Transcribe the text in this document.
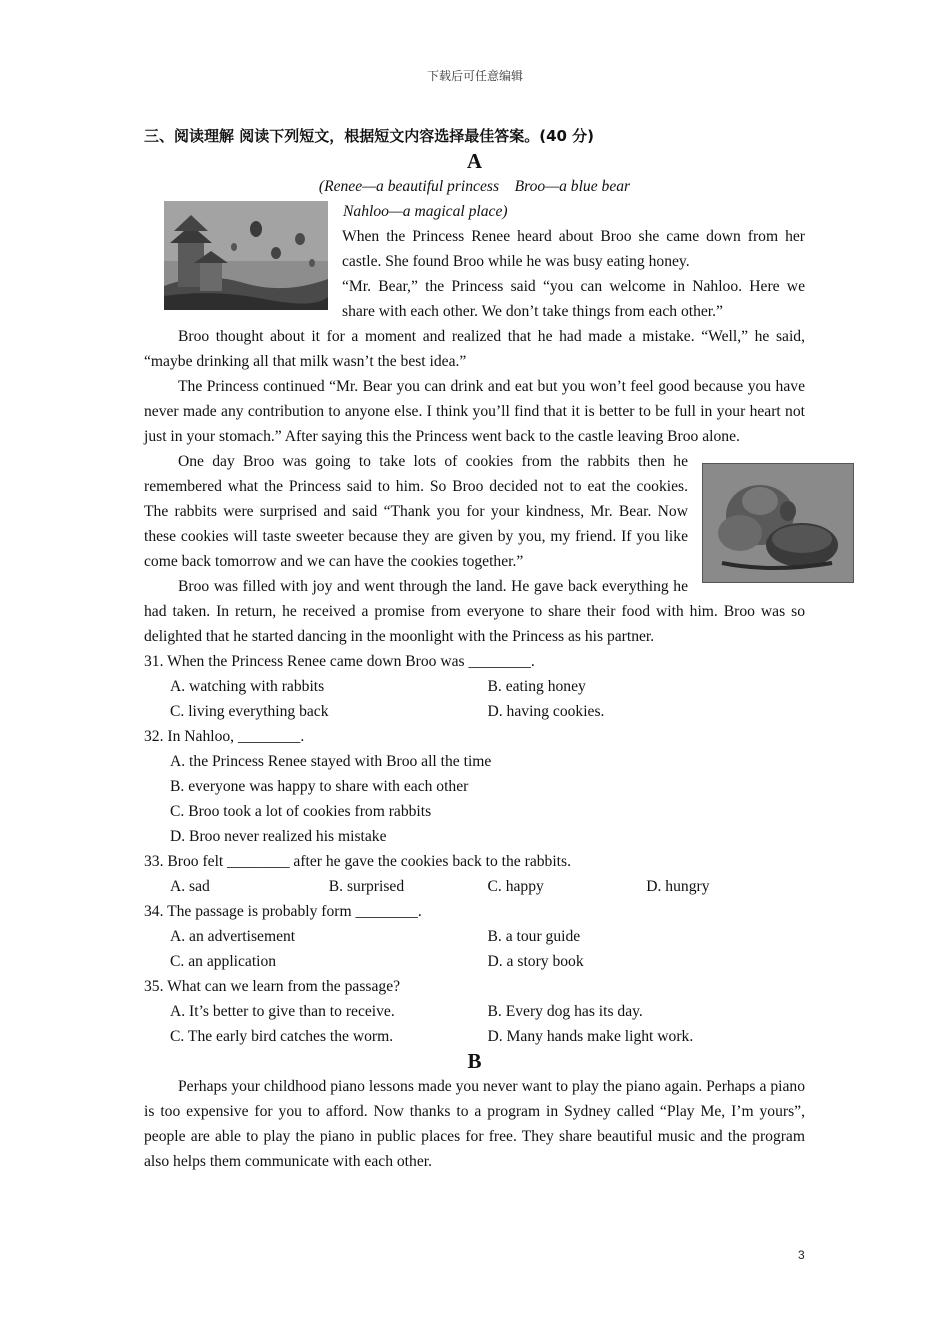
下载后可任意编辑
三、阅读理解 阅读下列短文，根据短文内容选择最佳答案。(40 分)
A
(Renee—a beautiful princess    Broo—a blue bear
Nahloo—a magical place)

When the Princess Renee heard about Broo she came down from her castle. She found Broo while he was busy eating honey.

“Mr. Bear,” the Princess said “you can welcome in Nahloo. Here we share with each other. We don’t take things from each other.”

Broo thought about it for a moment and realized that he had made a mistake. “Well,” he said, “maybe drinking all that milk wasn’t the best idea.”

The Princess continued “Mr. Bear you can drink and eat but you won’t feel good because you have never made any contribution to anyone else. I think you’ll find that it is better to be full in your heart not just in your stomach.” After saying this the Princess went back to the castle leaving Broo alone.

One day Broo was going to take lots of cookies from the rabbits then he remembered what the Princess said to him. So Broo decided not to eat the cookies. The rabbits were surprised and said “Thank you for your kindness, Mr. Bear. Now these cookies will taste sweeter because they are given by you, my friend. If you like come back tomorrow and we can have the cookies together.”

Broo was filled with joy and went through the land. He gave back everything he had taken. In return, he received a promise from everyone to share their food with him. Broo was so delighted that he started dancing in the moonlight with the Princess as his partner.

31. When the Princess Renee came down Broo was ________.
A. watching with rabbits	B. eating honey
C. living everything back	D. having cookies.
32. In Nahloo, ________.
A. the Princess Renee stayed with Broo all the time
B. everyone was happy to share with each other
C. Broo took a lot of cookies from rabbits
D. Broo never realized his mistake
33. Broo felt ________ after he gave the cookies back to the rabbits.
A. sad	B. surprised	C. happy	D. hungry
34. The passage is probably form ________.
A. an advertisement	B. a tour guide
C. an application	D. a story book
35. What can we learn from the passage?
A. It’s better to give than to receive.	B. Every dog has its day.
C. The early bird catches the worm.	D. Many hands make light work.
B

Perhaps your childhood piano lessons made you never want to play the piano again. Perhaps a piano is too expensive for you to afford. Now thanks to a program in Sydney called “Play Me, I’m yours”, people are able to play the piano in public places for free. They share beautiful music and the program also helps them communicate with each other.

3
